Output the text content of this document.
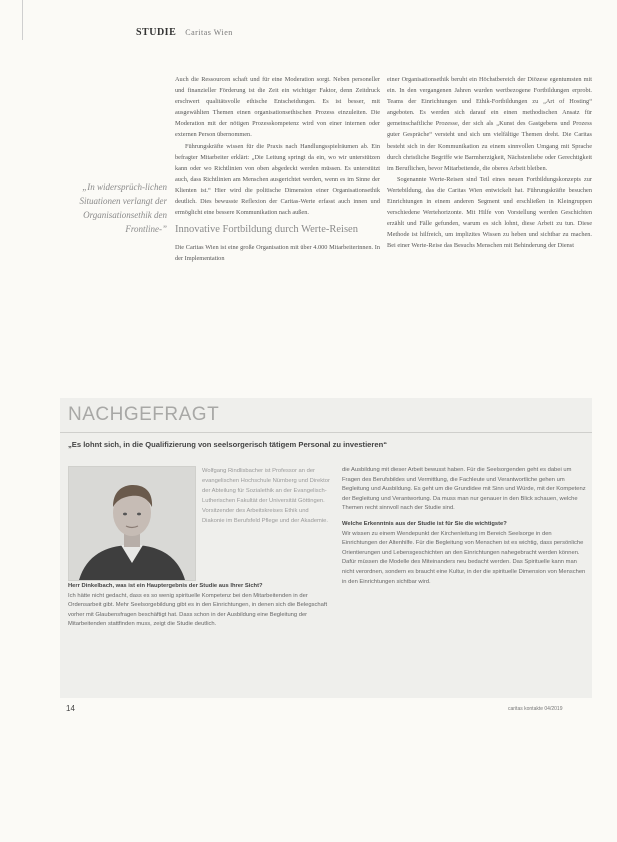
STUDIE Caritas Wien
„In widersprüch-lichen Situationen verlangt der Organisationsethik den Frontline-”

Auch die Ressourcen schaft und für eine Moderation sorgt. Neben personeller und finanzieller Förderung ist die Zeit ein wichtiger Faktor, denn Zeitdruck erschwert qualitätsvolle ethische Entscheidungen. Es ist besser, mit ausgewählten Themen einen organisationsethischen Prozess einzuleiten. Die Moderation mit der nötigen Prozesskompetenz wird von einer internen oder externen Person übernommen.

Führungskräfte wissen für die Praxis nach Handlungsspielräumen ab. Ein befragter Mitarbeiter erklärt: „Die Leitung springt da ein, wo wir unterstützen kann oder wo Richtlinien von oben abgedeckt werden müssen. Es unterstützt auch, dass Richtlinien am Menschen ausgerichtet werden, wenn es im Sinne der Klienten ist.“ Hier wird die politische Dimension einer Organisationsethik deutlich. Dies bewusste Reflexion der Caritas-Werte erfasst auch innen und ermöglicht eine bessere Kommunikation nach außen.

Innovative Fortbildung durch Werte-Reisen

Die Caritas Wien ist eine große Organisation mit über 4.000 Mitarbeiterinnen. In der Implementation

einer Organisationsethik beruht ein Höchstbereich der Diözese egentumsten mit ein. In den vergangenen Jahren wurden wertbezogene Fortbildungen erprobt. Teams der Einrichtungen und Ethik-Fortbildungen zu „Art of Hosting“ angeboten. Es werden sich darauf ein einen methodischen Ansatz für gemeinschaftliche Prozesse, der sich als „Kunst des Gastgebens und Prozess guter Gespräche“ versteht und sich um vielfältige Themen dreht. Die Caritas besteht sich in der Kommunikation zu einem sinnvollen Umgang mit Sprache durch christliche Begriffe wie Barmherzigkeit, Nächstenliebe oder Gerechtigkeit im Beruflichen, bevor Mitarbeitende, die oberes Arbeit bleiben.

Sogenannte Werte-Reisen sind Teil eines neuen Fortbildungskonzepts zur Wertebildung, das die Caritas Wien entwickelt hat. Führungskräfte besuchen Einrichtungen in einem anderen Segment und erschließen in Kleingruppen verschiedene Wertehorizonte. Mit Hilfe von Vorstellung werden Geschichten erzählt und Fälle gefunden, warum es sich lohnt, diese Arbeit zu tun. Diese Methode ist hilfreich, um implizites Wissen zu heben und sichtbar zu machen. Bei einer Werte-Reise das Besuchs Menschen mit Behinderung der Dienst

NACHGEFRAGT
„Es lohnt sich, in die Qualifizierung von seelsorgerisch tätigem Personal zu investieren“
Wolfgang Rindlisbacher ist Professor an der evangelischen Hochschule Nürnberg und Direktor der Abteilung für Sozialethik an der Evangelisch-Lutherischen Fakultät der Universität Göttingen. Vorsitzender des Arbeitskreises Ethik und Diakonie im Berufsfeld Pflege und der Akademie.
Herr Dinkelbach, was ist ein Hauptergebnis der Studie aus Ihrer Sicht?
Ich hätte nicht gedacht, dass es so wenig spirituelle Kompetenz bei den Mitarbeitenden in der Ordensarbeit gibt. Mehr Seelsorgebildung gibt es in den Einrichtungen, in denen sich die Belegschaft vorher mit Glaubensfragen beschäftigt hat. Dass schon in der Ausbildung eine Begleitung der Mitarbeitenden stattfinden muss, zeigt die Studie deutlich.
die Ausbildung mit dieser Arbeit bewusst haben. Für die Seelsorgenden geht es dabei um Fragen des Berufsbildes und Vermittlung, die Fachleute und Verantwortliche gehen um Begleitung und Ausbildung. Es geht um die Grundidee mit Sinn und Würde, mit der Kompetenz der Begleitung und Verantwortung. Da muss man nur genauer in den Blick schauen, welche Themen recht sinnvoll nach der Studie sind.
Welche Erkenntnis aus der Studie ist für Sie die wichtigste?
Wir wissen zu einem Wendepunkt der Kirchenleitung im Bereich Seelsorge in den Einrichtungen der Altenhilfe. Für die Begleitung von Menschen ist es wichtig, dass persönliche Orientierungen und Lebensgeschichten an den Einrichtungen nahegebracht werden können. Dafür müssen die Modelle des Miteinanders neu bedacht werden. Das Spirituelle kann man nicht verordnen, sondern es braucht eine Kultur, in der die spirituelle Dimension von Menschen in den Einrichtungen sichtbar wird.
14	caritas kontakte 04/2019
